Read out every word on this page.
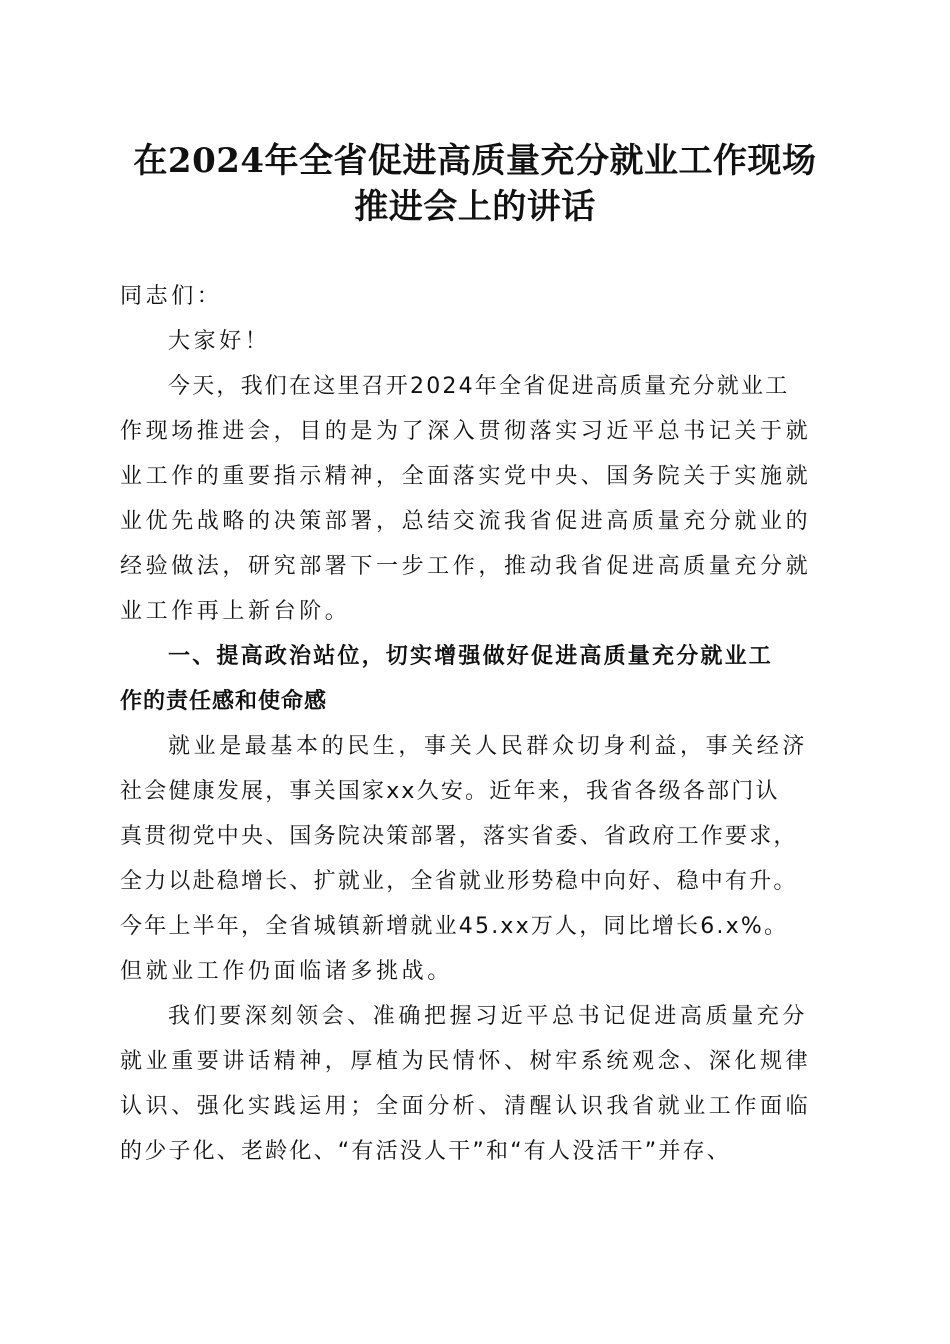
在2024年全省促进高质量充分就业工作现场
推进会上的讲话

同志们：

大家好！

今天，我们在这里召开2024年全省促进高质量充分就业工

作现场推进会，目的是为了深入贯彻落实习近平总书记关于就

业工作的重要指示精神，全面落实党中央、国务院关于实施就

业优先战略的决策部署，总结交流我省促进高质量充分就业的

经验做法，研究部署下一步工作，推动我省促进高质量充分就

业工作再上新台阶。

一、提高政治站位，切实增强做好促进高质量充分就业工

作的责任感和使命感

就业是最基本的民生，事关人民群众切身利益，事关经济

社会健康发展，事关国家xx久安。近年来，我省各级各部门认

真贯彻党中央、国务院决策部署，落实省委、省政府工作要求，

全力以赴稳增长、扩就业，全省就业形势稳中向好、稳中有升。

今年上半年，全省城镇新增就业45.xx万人，同比增长6.x%。

但就业工作仍面临诸多挑战。

我们要深刻领会、准确把握习近平总书记促进高质量充分

就业重要讲话精神，厚植为民情怀、树牢系统观念、深化规律

认识、强化实践运用；全面分析、清醒认识我省就业工作面临

的少子化、老龄化、“有活没人干”和“有人没活干”并存、
